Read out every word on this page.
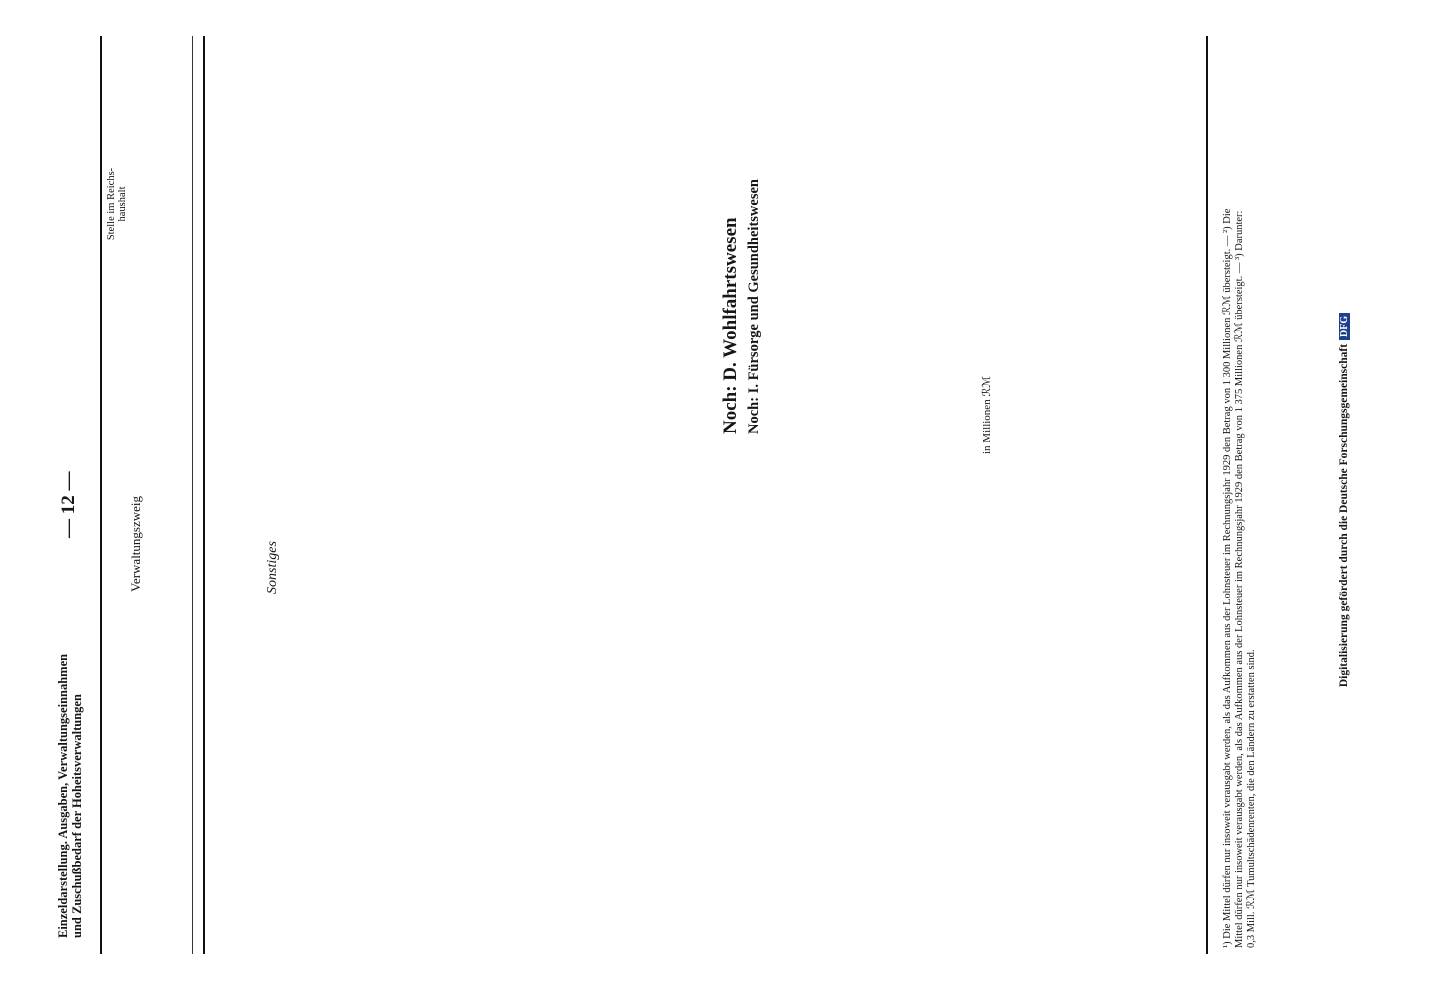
Einzeldarstellung. Ausgaben, Verwaltungseinnahmen und Zuschußbedarf der Hoheitsverwaltungen
— 12 —	Verwaltungszweig
Stelle im Reichs-haushalt
Sonstiges
Noch: D. Wohlfahrtswesen Noch: I. Fürsorge und Gesundheitswesen	in Millionen ℛℳ	¹) Die Mittel dürfen nur insoweit verausgabt werden, als das Aufkommen aus der Lohnsteuer im Rechnungsjahr 1929 den Betrag von 1 300 Millionen ℛℳ übersteigt. — ²) Die Mittel dürfen nur insoweit verausgabt werden, als das Aufkommen aus der Lohnsteuer im Rechnungsjahr 1929 den Betrag von 1 375 Millionen ℛℳ übersteigt. — ³) Darunter: 0,3 Mill. ℛℳ Tumultschädenrenten, die den Ländern zu erstatten sind.
Digitalisierung gefördert durch die Deutsche ForschungsgemeinschaftDFG
